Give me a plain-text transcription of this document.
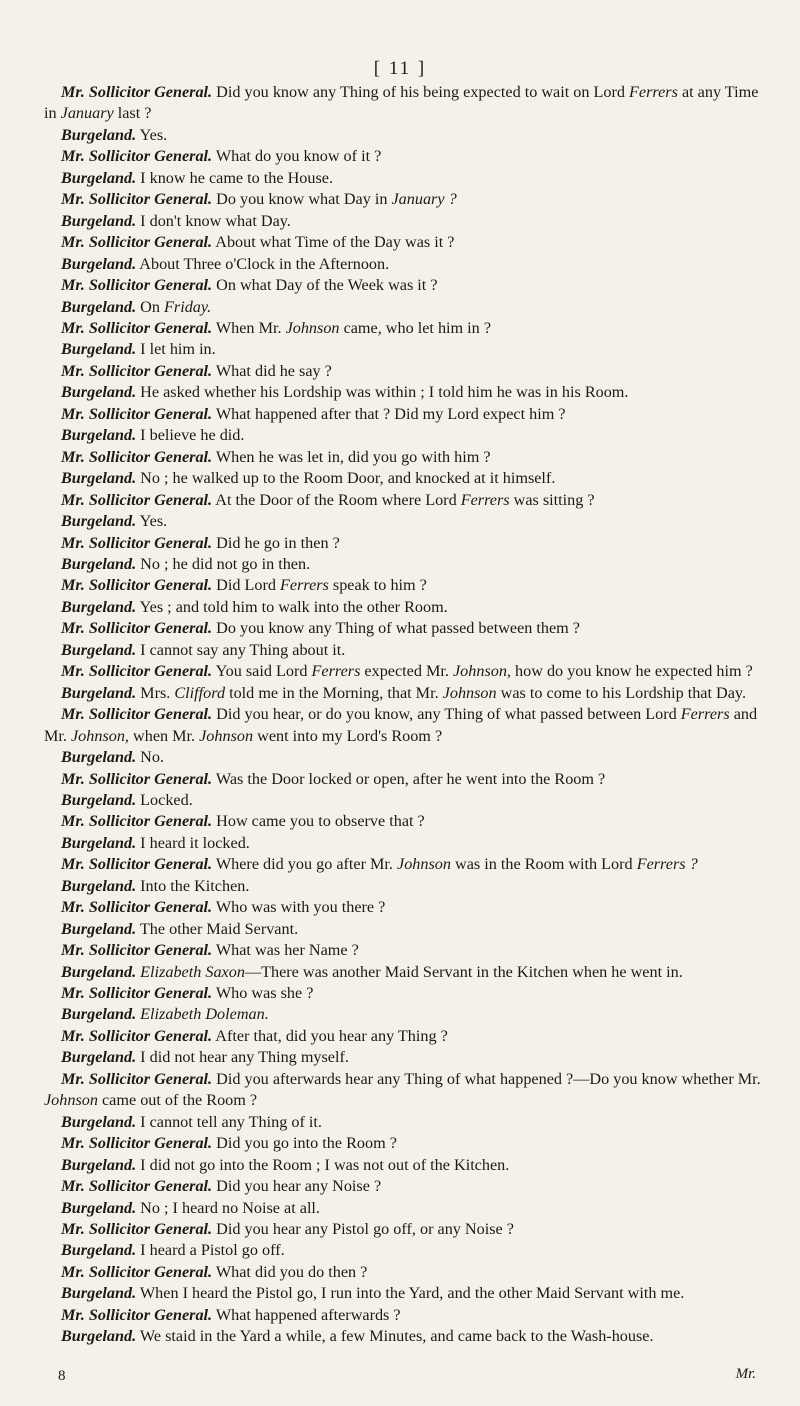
[ 11 ]

Mr. Sollicitor General. Did you know any Thing of his being expected to wait on Lord Ferrers at any Time in January last ?

Burgeland. Yes.

Mr. Sollicitor General. What do you know of it ?

Burgeland. I know he came to the House.

Mr. Sollicitor General. Do you know what Day in January ?

Burgeland. I don't know what Day.

Mr. Sollicitor General. About what Time of the Day was it ?

Burgeland. About Three o'Clock in the Afternoon.

Mr. Sollicitor General. On what Day of the Week was it ?

Burgeland. On Friday.

Mr. Sollicitor General. When Mr. Johnson came, who let him in ?

Burgeland. I let him in.

Mr. Sollicitor General. What did he say ?

Burgeland. He asked whether his Lordship was within ; I told him he was in his Room.

Mr. Sollicitor General. What happened after that ? Did my Lord expect him ?

Burgeland. I believe he did.

Mr. Sollicitor General. When he was let in, did you go with him ?

Burgeland. No ; he walked up to the Room Door, and knocked at it himself.

Mr. Sollicitor General. At the Door of the Room where Lord Ferrers was sitting ?

Burgeland. Yes.

Mr. Sollicitor General. Did he go in then ?

Burgeland. No ; he did not go in then.

Mr. Sollicitor General. Did Lord Ferrers speak to him ?

Burgeland. Yes ; and told him to walk into the other Room.

Mr. Sollicitor General. Do you know any Thing of what passed between them ?

Burgeland. I cannot say any Thing about it.

Mr. Sollicitor General. You said Lord Ferrers expected Mr. Johnson, how do you know he expected him ?

Burgeland. Mrs. Clifford told me in the Morning, that Mr. Johnson was to come to his Lordship that Day.

Mr. Sollicitor General. Did you hear, or do you know, any Thing of what passed between Lord Ferrers and Mr. Johnson, when Mr. Johnson went into my Lord's Room ?

Burgeland. No.

Mr. Sollicitor General. Was the Door locked or open, after he went into the Room ?

Burgeland. Locked.

Mr. Sollicitor General. How came you to observe that ?

Burgeland. I heard it locked.

Mr. Sollicitor General. Where did you go after Mr. Johnson was in the Room with Lord Ferrers ?

Burgeland. Into the Kitchen.

Mr. Sollicitor General. Who was with you there ?

Burgeland. The other Maid Servant.

Mr. Sollicitor General. What was her Name ?

Burgeland. Elizabeth Saxon—There was another Maid Servant in the Kitchen when he went in.

Mr. Sollicitor General. Who was she ?

Burgeland. Elizabeth Doleman.

Mr. Sollicitor General. After that, did you hear any Thing ?

Burgeland. I did not hear any Thing myself.

Mr. Sollicitor General. Did you afterwards hear any Thing of what happened ?—Do you know whether Mr. Johnson came out of the Room ?

Burgeland. I cannot tell any Thing of it.

Mr. Sollicitor General. Did you go into the Room ?

Burgeland. I did not go into the Room ; I was not out of the Kitchen.

Mr. Sollicitor General. Did you hear any Noise ?

Burgeland. No ; I heard no Noise at all.

Mr. Sollicitor General. Did you hear any Pistol go off, or any Noise ?

Burgeland. I heard a Pistol go off.

Mr. Sollicitor General. What did you do then ?

Burgeland. When I heard the Pistol go, I run into the Yard, and the other Maid Servant with me.

Mr. Sollicitor General. What happened afterwards ?

Burgeland. We staid in the Yard a while, a few Minutes, and came back to the Wash-house.

8	Mr.
